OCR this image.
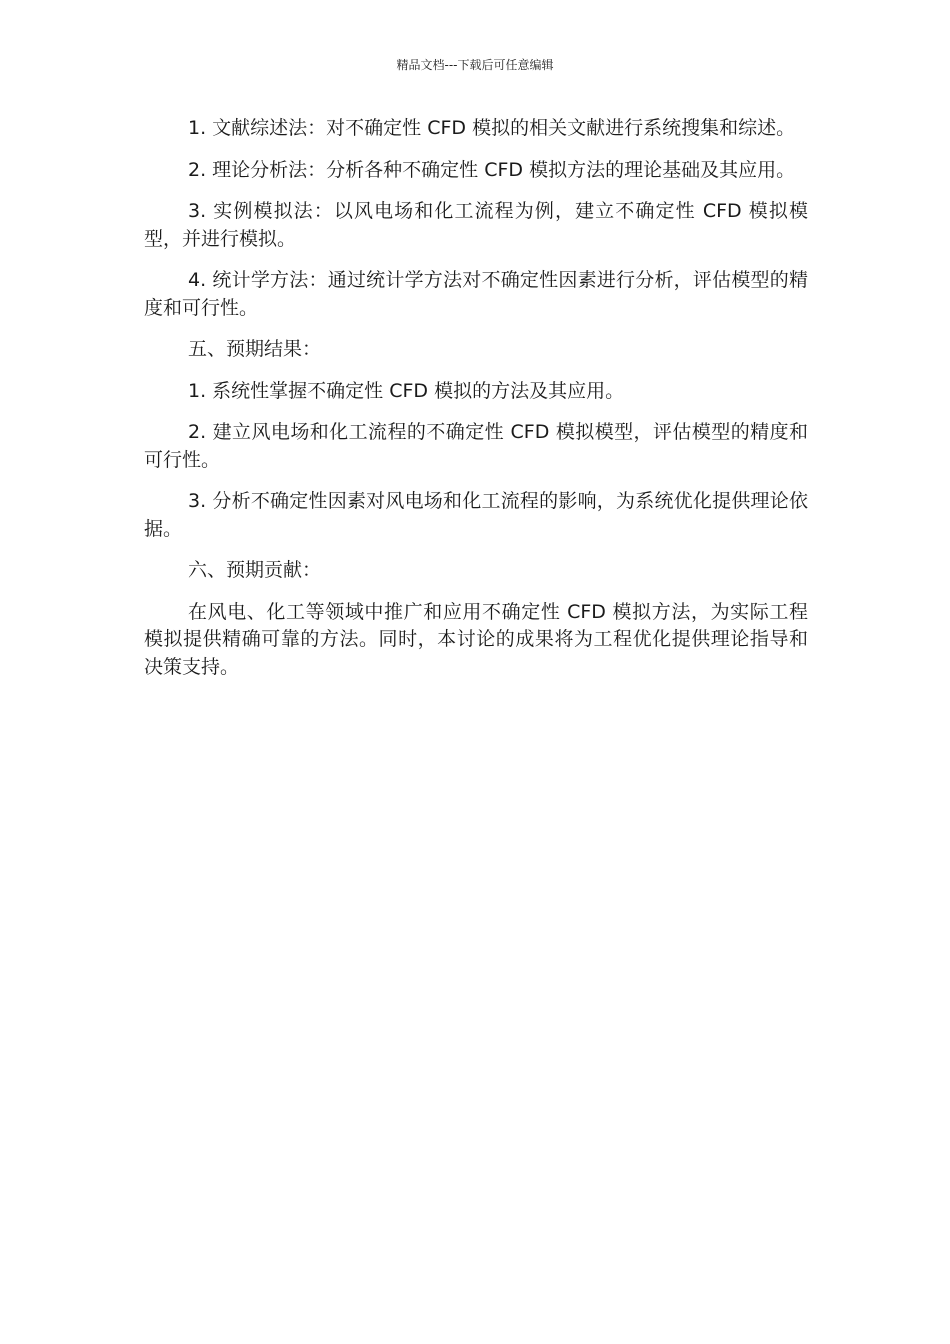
精品文档---下载后可任意编辑

1. 文献综述法：对不确定性 CFD 模拟的相关文献进行系统搜集和综述。

2. 理论分析法：分析各种不确定性 CFD 模拟方法的理论基础及其应用。

3. 实例模拟法：以风电场和化工流程为例，建立不确定性 CFD 模拟模型，并进行模拟。

4. 统计学方法：通过统计学方法对不确定性因素进行分析，评估模型的精度和可行性。

五、预期结果：

1. 系统性掌握不确定性 CFD 模拟的方法及其应用。

2. 建立风电场和化工流程的不确定性 CFD 模拟模型，评估模型的精度和可行性。

3. 分析不确定性因素对风电场和化工流程的影响，为系统优化提供理论依据。

六、预期贡献：

在风电、化工等领域中推广和应用不确定性 CFD 模拟方法，为实际工程模拟提供精确可靠的方法。同时，本讨论的成果将为工程优化提供理论指导和决策支持。
